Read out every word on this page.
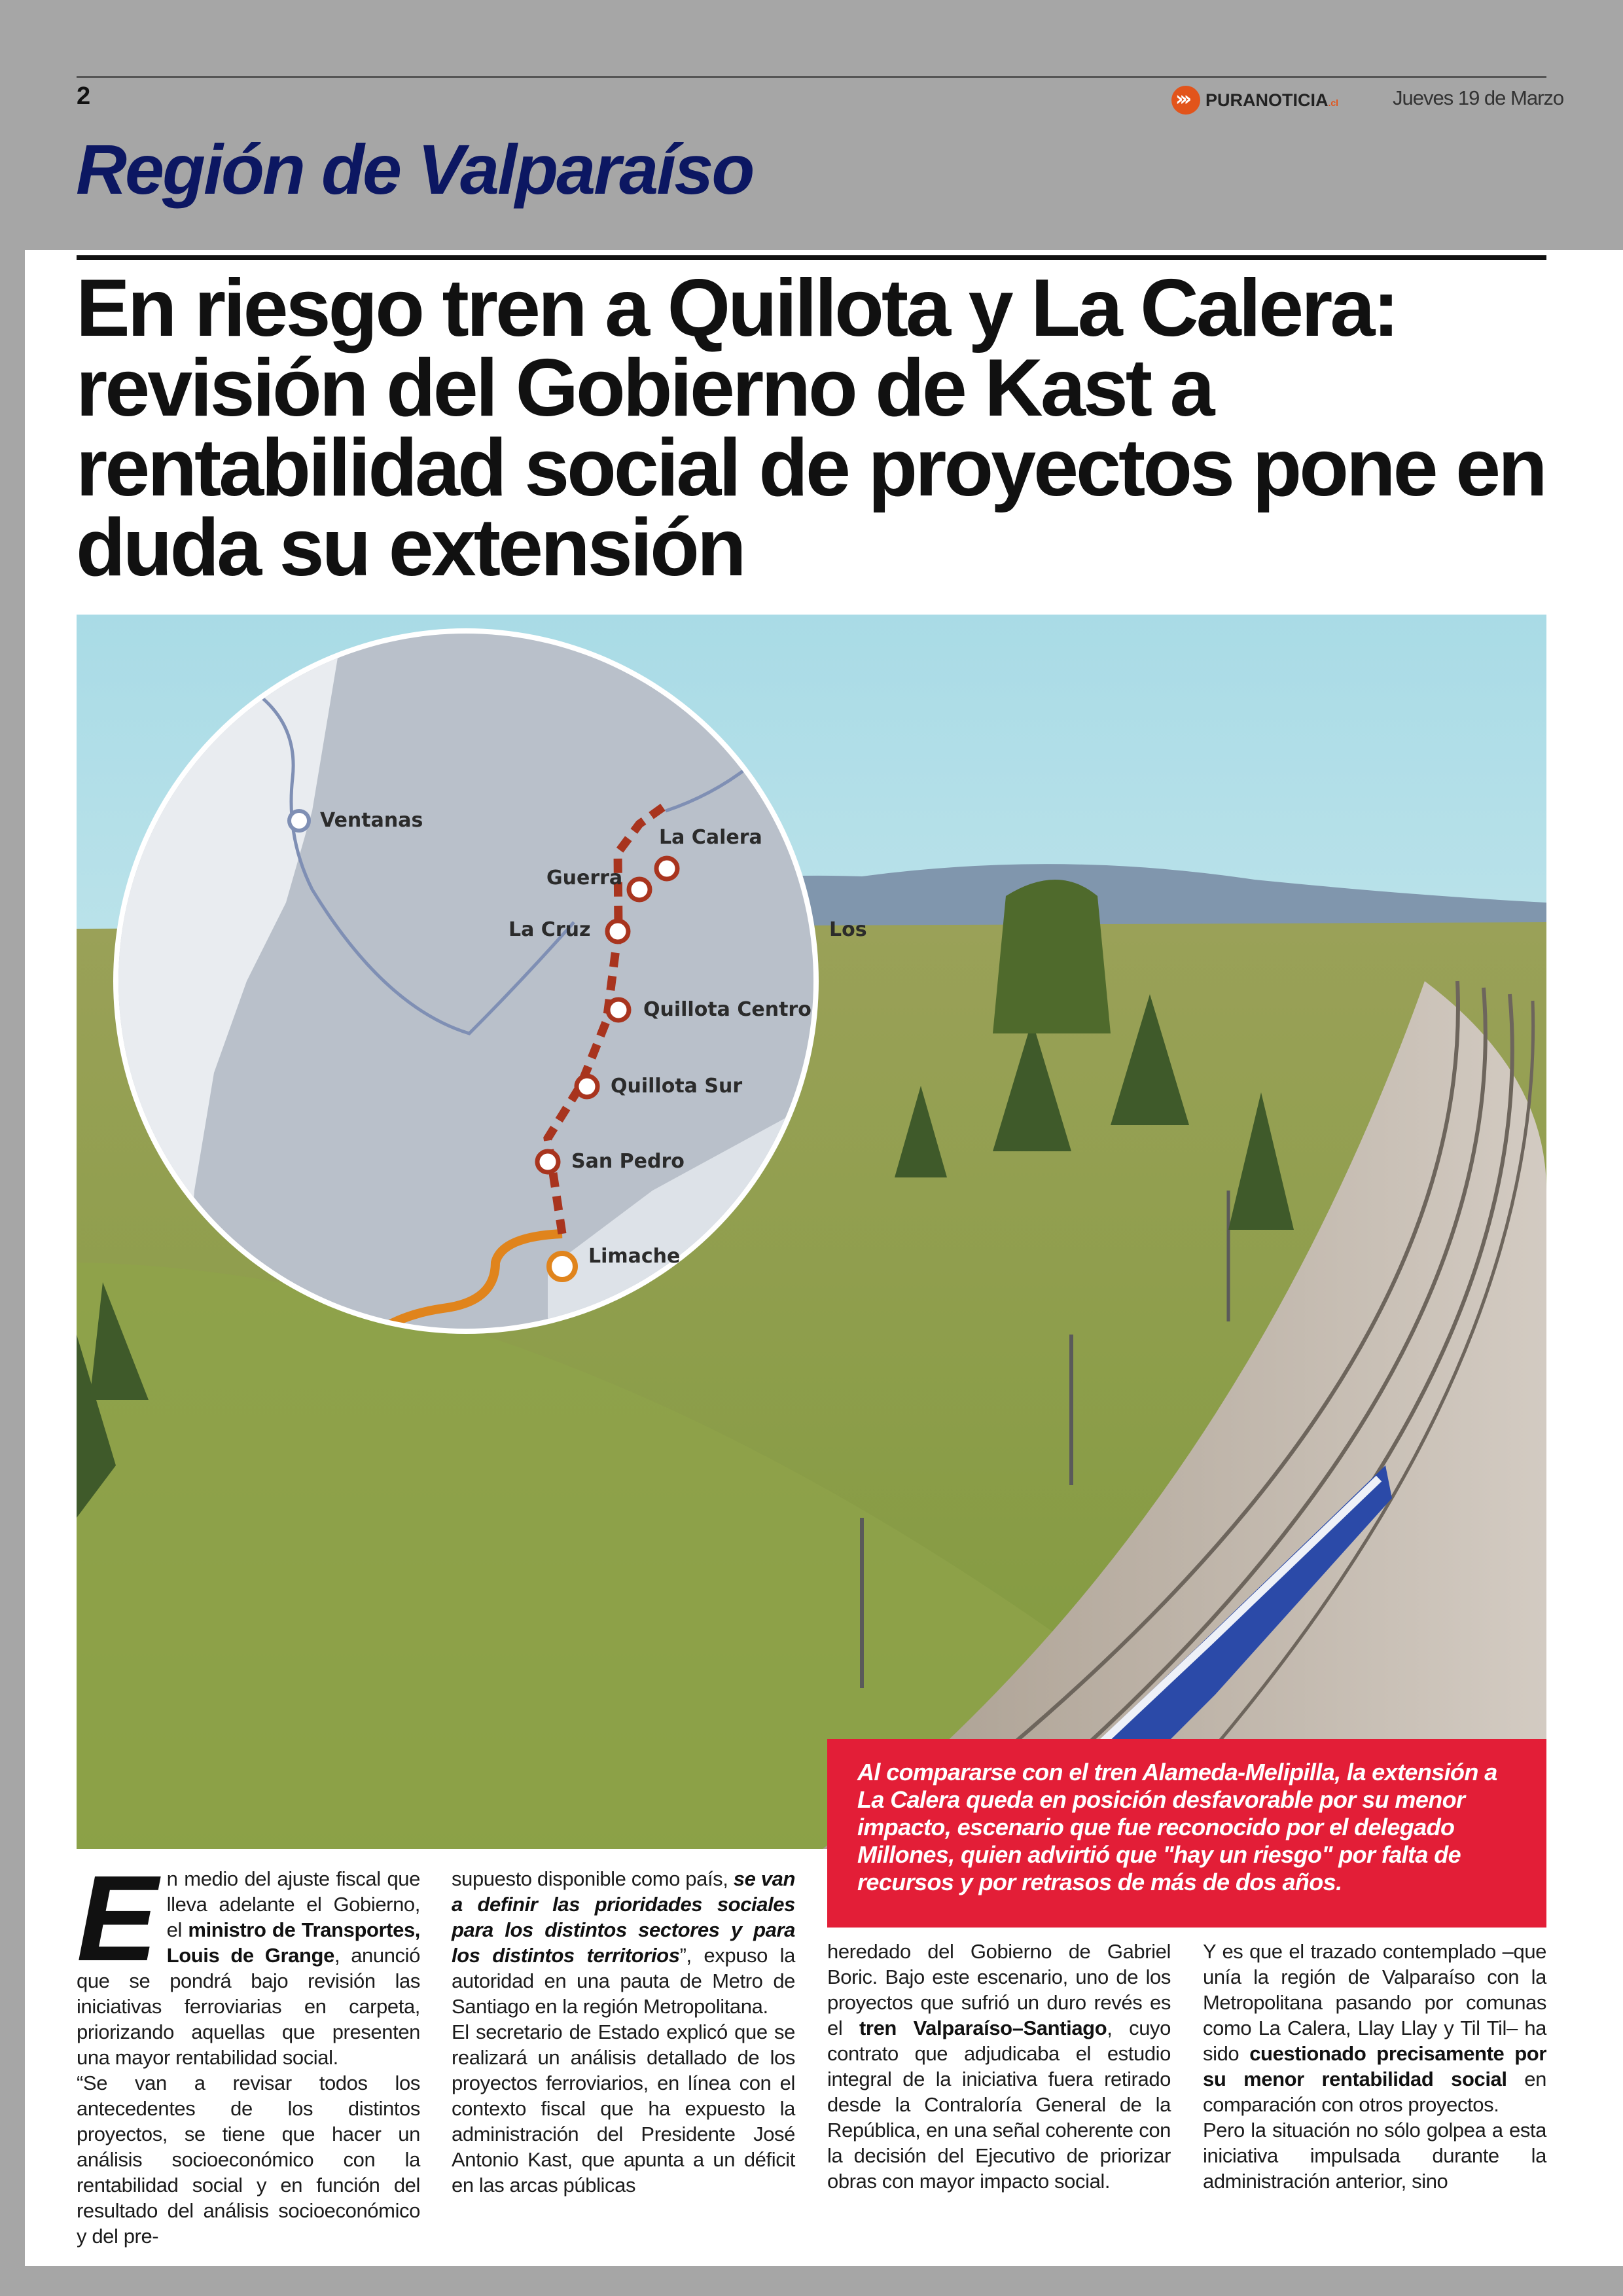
2
›››	PURANOTICIA.cl	Jueves 19 de Marzo
Región de Valparaíso
En riesgo tren a Quillota y La Calera: revisión del Gobierno de Kast a rentabilidad social de proyectos pone en duda su extensión
Ventanas
La Calera
Guerra
La Cruz
Quillota Centro
Quillota Sur
San Pedro
Limache
Los

Al compararse con el tren Alameda-Melipilla, la extensión a La Calera queda en posición desfavorable por su menor impacto, escenario que fue reconocido por el delegado Millones, quien advirtió que "hay un riesgo" por falta de recursos y por retrasos de más de dos años.

En medio del ajuste fiscal que lleva adelante el Gobierno, el ministro de Transportes, Louis de Grange, anunció que se pondrá bajo revisión las iniciativas ferroviarias en carpeta, priorizando aquellas que presenten una mayor rentabilidad social.

“Se van a revisar todos los antecedentes de los distintos proyectos, se tiene que hacer un análisis socioeconómico con la rentabilidad social y en función del resultado del análisis socioeconómico y del pre-

supuesto disponible como país, se van a definir las prioridades sociales para los distintos sectores y para los distintos territorios”, expuso la autoridad en una pauta de Metro de Santiago en la región Metropolitana.

El secretario de Estado explicó que se realizará un análisis detallado de los proyectos ferroviarios, en línea con el contexto fiscal que ha expuesto la administración del Presidente José Antonio Kast, que apunta a un déficit en las arcas públicas

heredado del Gobierno de Gabriel Boric. Bajo este escenario, uno de los proyectos que sufrió un duro revés es el tren Valparaíso–Santiago, cuyo contrato que adjudicaba el estudio integral de la iniciativa fuera retirado desde la Contraloría General de la República, en una señal coherente con la decisión del Ejecutivo de priorizar obras con mayor impacto social.

Y es que el trazado contemplado –que unía la región de Valparaíso con la Metropolitana pasando por comunas como La Calera, Llay Llay y Til Til– ha sido cuestionado precisamente por su menor rentabilidad social en comparación con otros proyectos.

Pero la situación no sólo golpea a esta iniciativa impulsada durante la administración anterior, sino
